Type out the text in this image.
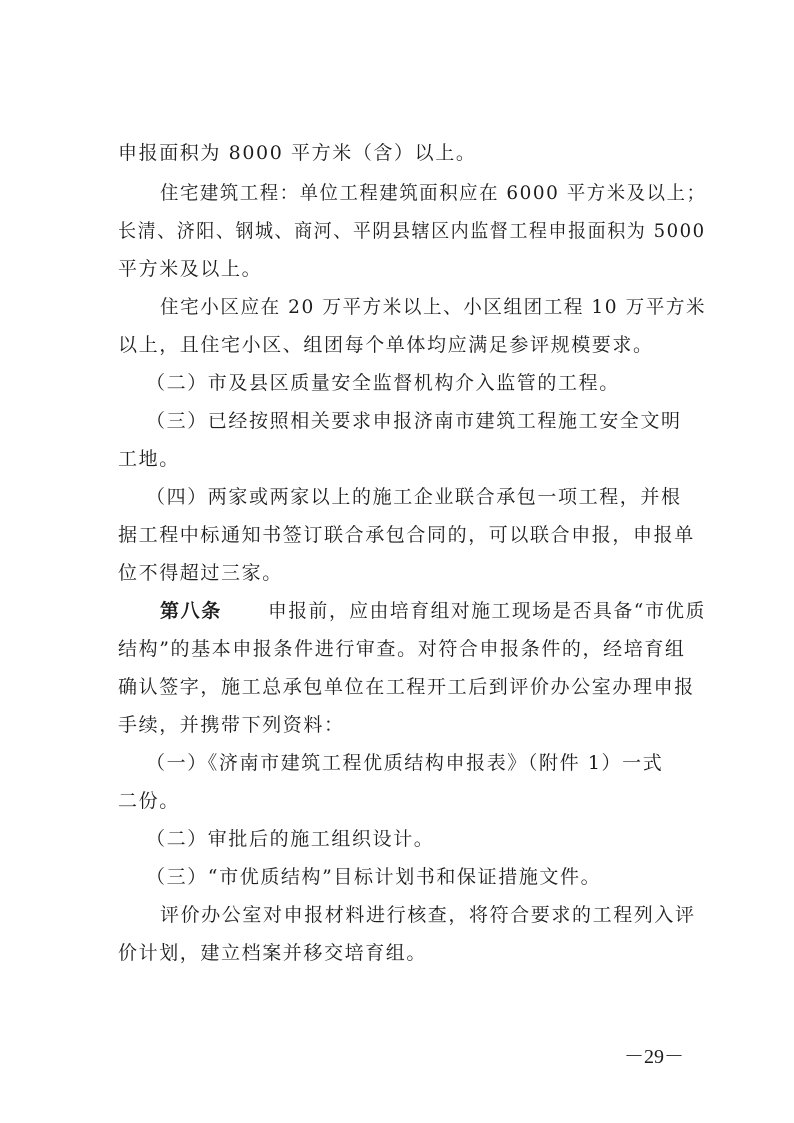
申报面积为 8000 平方米（含）以上。
住宅建筑工程：单位工程建筑面积应在 6000 平方米及以上；
长清、济阳、钢城、商河、平阴县辖区内监督工程申报面积为 5000
平方米及以上。
住宅小区应在 20 万平方米以上、小区组团工程 10 万平方米
以上，且住宅小区、组团每个单体均应满足参评规模要求。
（二）市及县区质量安全监督机构介入监管的工程。
（三）已经按照相关要求申报济南市建筑工程施工安全文明
工地。
（四）两家或两家以上的施工企业联合承包一项工程，并根
据工程中标通知书签订联合承包合同的，可以联合申报，申报单
位不得超过三家。
第八条 申报前，应由培育组对施工现场是否具备“市优质
结构”的基本申报条件进行审查。对符合申报条件的，经培育组
确认签字，施工总承包单位在工程开工后到评价办公室办理申报
手续，并携带下列资料：
（一）《济南市建筑工程优质结构申报表》（附件 1）一式
二份。
（二）审批后的施工组织设计。
（三）“市优质结构”目标计划书和保证措施文件。
评价办公室对申报材料进行核查，将符合要求的工程列入评
价计划，建立档案并移交培育组。
－29－
